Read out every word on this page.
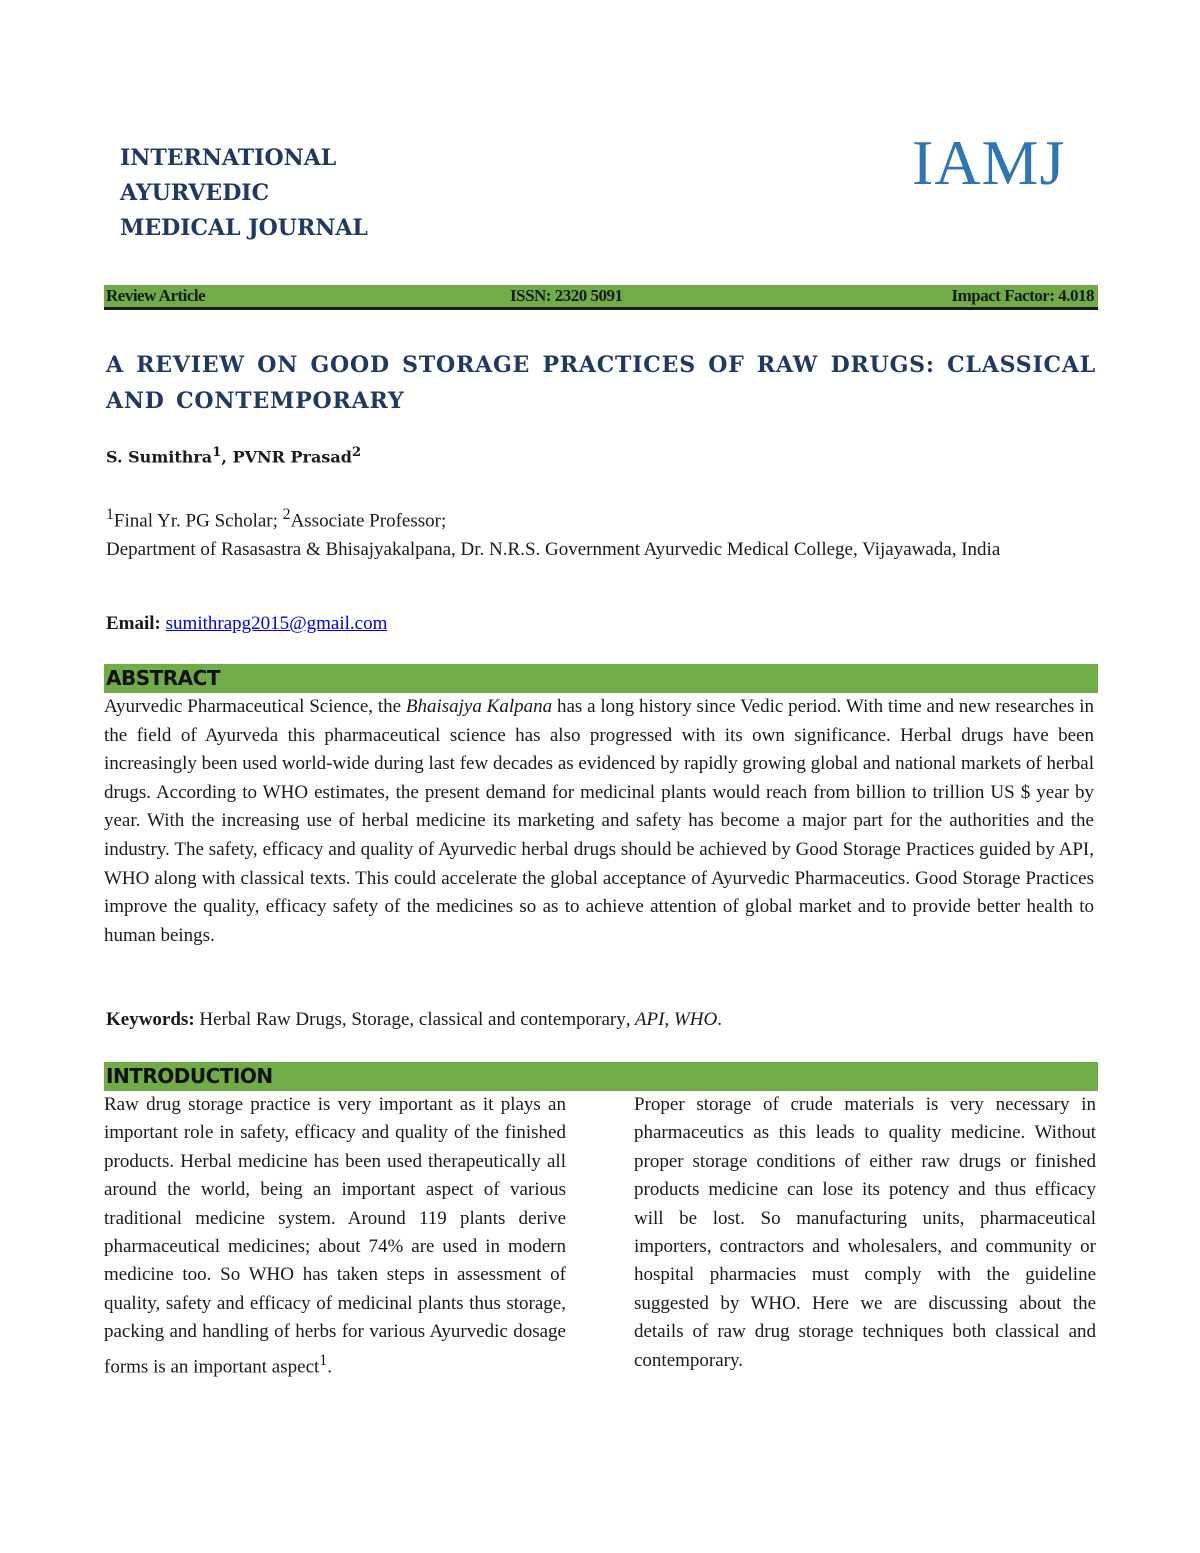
INTERNATIONAL
AYURVEDIC
MEDICAL JOURNAL
IAMJ
Review Article	ISSN: 2320 5091	Impact Factor: 4.018
A REVIEW ON GOOD STORAGE PRACTICES OF RAW DRUGS: CLASSICAL AND CONTEMPORARY
S. Sumithra$^1$, PVNR Prasad$^2$
$^1$Final Yr. PG Scholar; $^2$Associate Professor;
Department of Rasasastra & Bhisajyakalpana, Dr. N.R.S. Government Ayurvedic Medical College, Vijayawada, India
Email: sumithrapg2015@gmail.com
ABSTRACT
Ayurvedic Pharmaceutical Science, the Bhaisajya Kalpana has a long history since Vedic period. With time and new researches in the field of Ayurveda this pharmaceutical science has also progressed with its own significance. Herbal drugs have been increasingly been used world-wide during last few decades as evidenced by rapidly growing global and national markets of herbal drugs. According to WHO estimates, the present demand for medicinal plants would reach from billion to trillion US $ year by year. With the increasing use of herbal medicine its marketing and safety has become a major part for the authorities and the industry. The safety, efficacy and quality of Ayurvedic herbal drugs should be achieved by Good Storage Practices guided by API, WHO along with classical texts. This could accelerate the global acceptance of Ayurvedic Pharmaceutics. Good Storage Practices improve the quality, efficacy safety of the medicines so as to achieve attention of global market and to provide better health to human beings.
Keywords: Herbal Raw Drugs, Storage, classical and contemporary, API, WHO.
INTRODUCTION
Raw drug storage practice is very important as it plays an important role in safety, efficacy and quality of the finished products. Herbal medicine has been used therapeutically all around the world, being an important aspect of various traditional medicine system. Around 119 plants derive pharmaceutical medicines; about 74% are used in modern medicine too. So WHO has taken steps in assessment of quality, safety and efficacy of medicinal plants thus storage, packing and handling of herbs for various Ayurvedic dosage forms is an important aspect$^1$.
Proper storage of crude materials is very necessary in pharmaceutics as this leads to quality medicine. Without proper storage conditions of either raw drugs or finished products medicine can lose its potency and thus efficacy will be lost. So manufacturing units, pharmaceutical importers, contractors and wholesalers, and community or hospital pharmacies must comply with the guideline suggested by WHO. Here we are discussing about the details of raw drug storage techniques both classical and contemporary.
